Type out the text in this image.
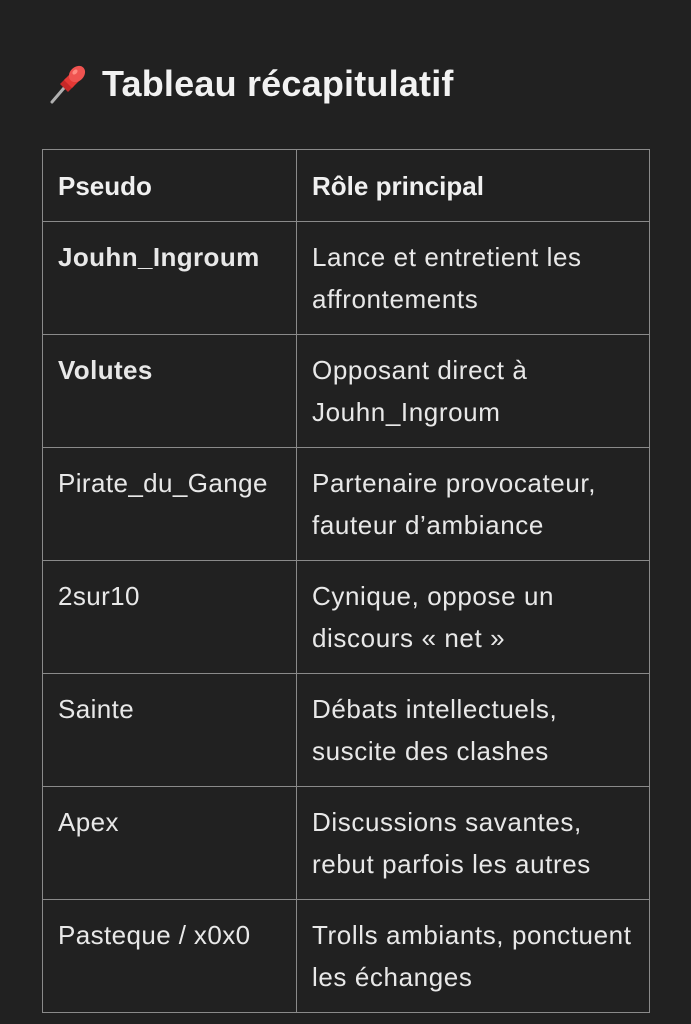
Tableau récapitulatif
Pseudo	Rôle principal
Jouhn_Ingroum	Lance et entretient les affrontements
Volutes	Opposant direct à Jouhn_Ingroum
Pirate_du_Gange	Partenaire provocateur, fauteur d’ambiance
2sur10	Cynique, oppose un discours « net »
Sainte	Débats intellectuels, suscite des clashes
Apex	Discussions savantes, rebut parfois les autres
Pasteque / x0x0	Trolls ambiants, ponctuent les échanges
